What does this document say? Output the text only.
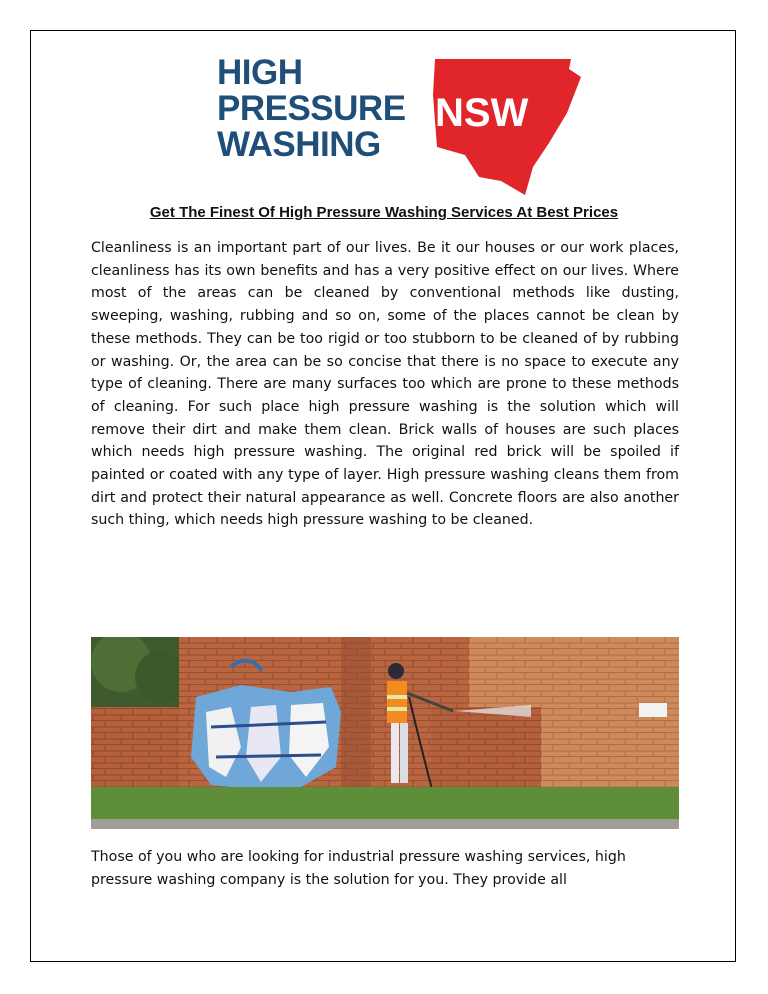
NSW
HIGH
PRESSURE
WASHING
Get The Finest Of High Pressure Washing Services At Best Prices

Cleanliness is an important part of our lives. Be it our houses or our work places, cleanliness has its own benefits and has a very positive effect on our lives. Where most of the areas can be cleaned by conventional methods like dusting, sweeping, washing, rubbing and so on, some of the places cannot be clean by these methods. They can be too rigid or too stubborn to be cleaned of by rubbing or washing. Or, the area can be so concise that there is no space to execute any type of cleaning. There are many surfaces too which are prone to these methods of cleaning. For such place high pressure washing is the solution which will remove their dirt and make them clean. Brick walls of houses are such places which needs high pressure washing. The original red brick will be spoiled if painted or coated with any type of layer. High pressure washing cleans them from dirt and protect their natural appearance as well. Concrete floors are also another such thing, which needs high pressure washing to be cleaned.

Those of you who are looking for industrial pressure washing services, high pressure washing company is the solution for you. They provide all
